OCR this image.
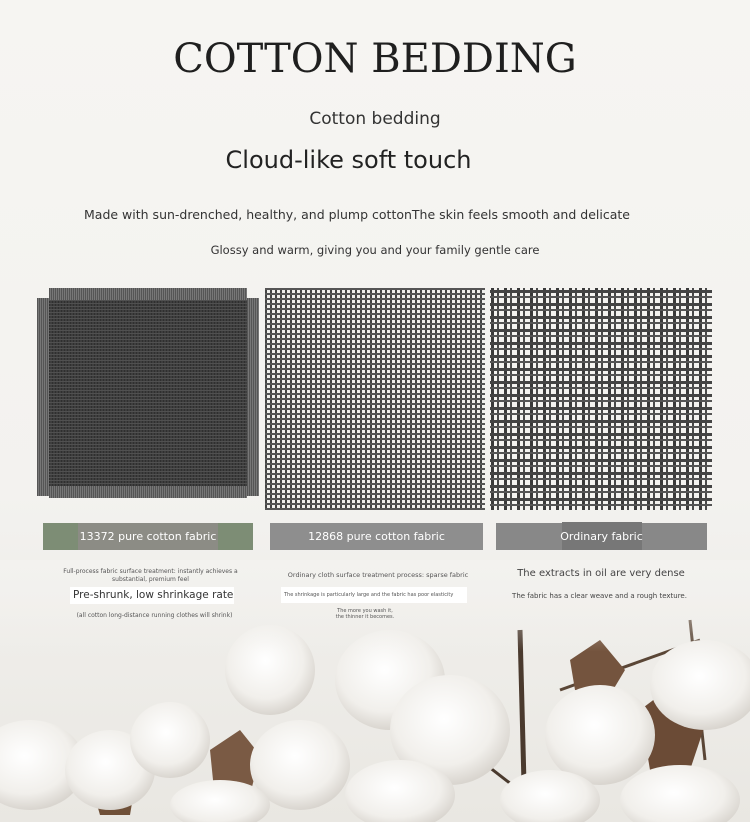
COTTON BEDDING
Cotton bedding
Cloud-like soft touch
Made with sun-drenched, healthy, and plump cottonThe skin feels smooth and delicate
Glossy and warm, giving you and your family gentle care
13372 pure cotton fabric	12868 pure cotton fabric	Ordinary fabric
Full-process fabric surface treatment: instantly achieves a substantial, premium feel
Pre-shrunk, low shrinkage rate
(all cotton long-distance running clothes will shrink)
Ordinary cloth surface treatment process: sparse fabric
The shrinkage is particularly large and the fabric has poor elasticity
The more you wash it, the thinner it becomes.
The extracts in oil are very dense
The fabric has a clear weave and a rough texture.
